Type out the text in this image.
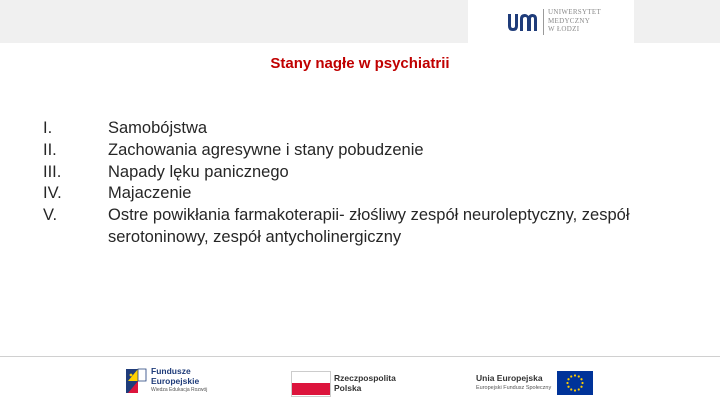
UNIWERSYTET
MEDYCZNY
W ŁODZI
Stany nagłe w psychiatrii
I.	Samobójstwa
II.	Zachowania agresywne i stany pobudzenie
III.	Napady lęku panicznego
IV.	Majaczenie
V.	Ostre powikłania farmakoterapii- złośliwy zespół neuroleptyczny, zespół serotoninowy, zespół antycholinergiczny
Fundusze
Europejskie
Wiedza Edukacja Rozwój
Rzeczpospolita
Polska
Unia Europejska
Europejski Fundusz Społeczny
